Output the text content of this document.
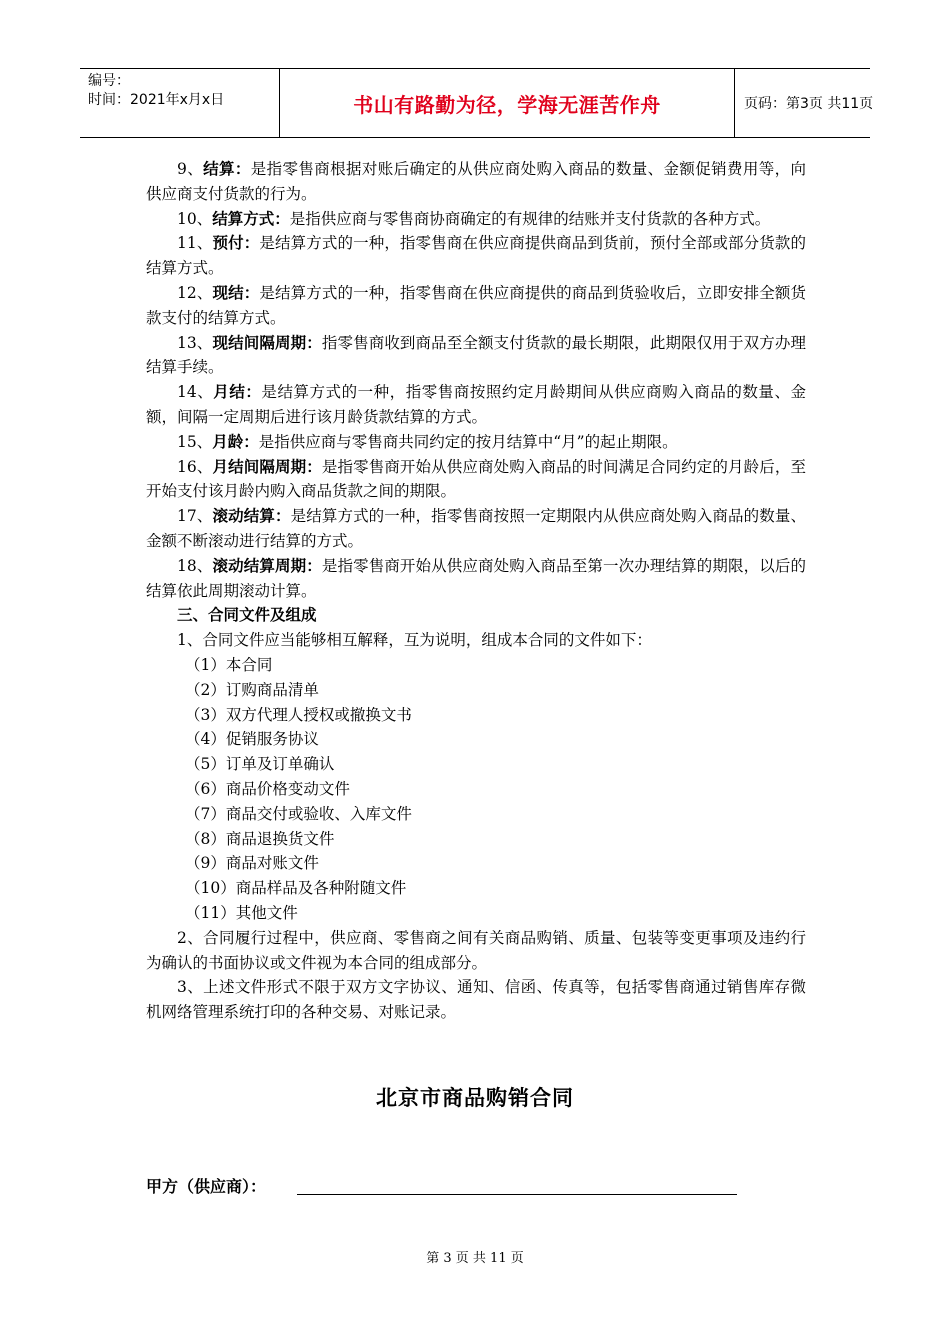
编号：
时间：2021年x月x日	书山有路勤为径，学海无涯苦作舟	页码：第3页 共11页

9、结算：是指零售商根据对账后确定的从供应商处购入商品的数量、金额促销费用等，向供应商支付货款的行为。

10、结算方式：是指供应商与零售商协商确定的有规律的结账并支付货款的各种方式。

11、预付：是结算方式的一种，指零售商在供应商提供商品到货前，预付全部或部分货款的结算方式。

12、现结：是结算方式的一种，指零售商在供应商提供的商品到货验收后，立即安排全额货款支付的结算方式。

13、现结间隔周期：指零售商收到商品至全额支付货款的最长期限，此期限仅用于双方办理结算手续。

14、月结：是结算方式的一种，指零售商按照约定月龄期间从供应商购入商品的数量、金额，间隔一定周期后进行该月龄货款结算的方式。

15、月龄：是指供应商与零售商共同约定的按月结算中“月”的起止期限。

16、月结间隔周期：是指零售商开始从供应商处购入商品的时间满足合同约定的月龄后，至开始支付该月龄内购入商品货款之间的期限。

17、滚动结算：是结算方式的一种，指零售商按照一定期限内从供应商处购入商品的数量、金额不断滚动进行结算的方式。

18、滚动结算周期：是指零售商开始从供应商处购入商品至第一次办理结算的期限，以后的结算依此周期滚动计算。

三、合同文件及组成

1、合同文件应当能够相互解释，互为说明，组成本合同的文件如下：

（1）本合同

（2）订购商品清单

（3）双方代理人授权或撤换文书

（4）促销服务协议

（5）订单及订单确认

（6）商品价格变动文件

（7）商品交付或验收、入库文件

（8）商品退换货文件

（9）商品对账文件

（10）商品样品及各种附随文件

（11）其他文件

2、合同履行过程中，供应商、零售商之间有关商品购销、质量、包装等变更事项及违约行为确认的书面协议或文件视为本合同的组成部分。

3、上述文件形式不限于双方文字协议、通知、信函、传真等，包括零售商通过销售库存微机网络管理系统打印的各种交易、对账记录。

北京市商品购销合同
甲方（供应商）：
第 3 页 共 11 页
